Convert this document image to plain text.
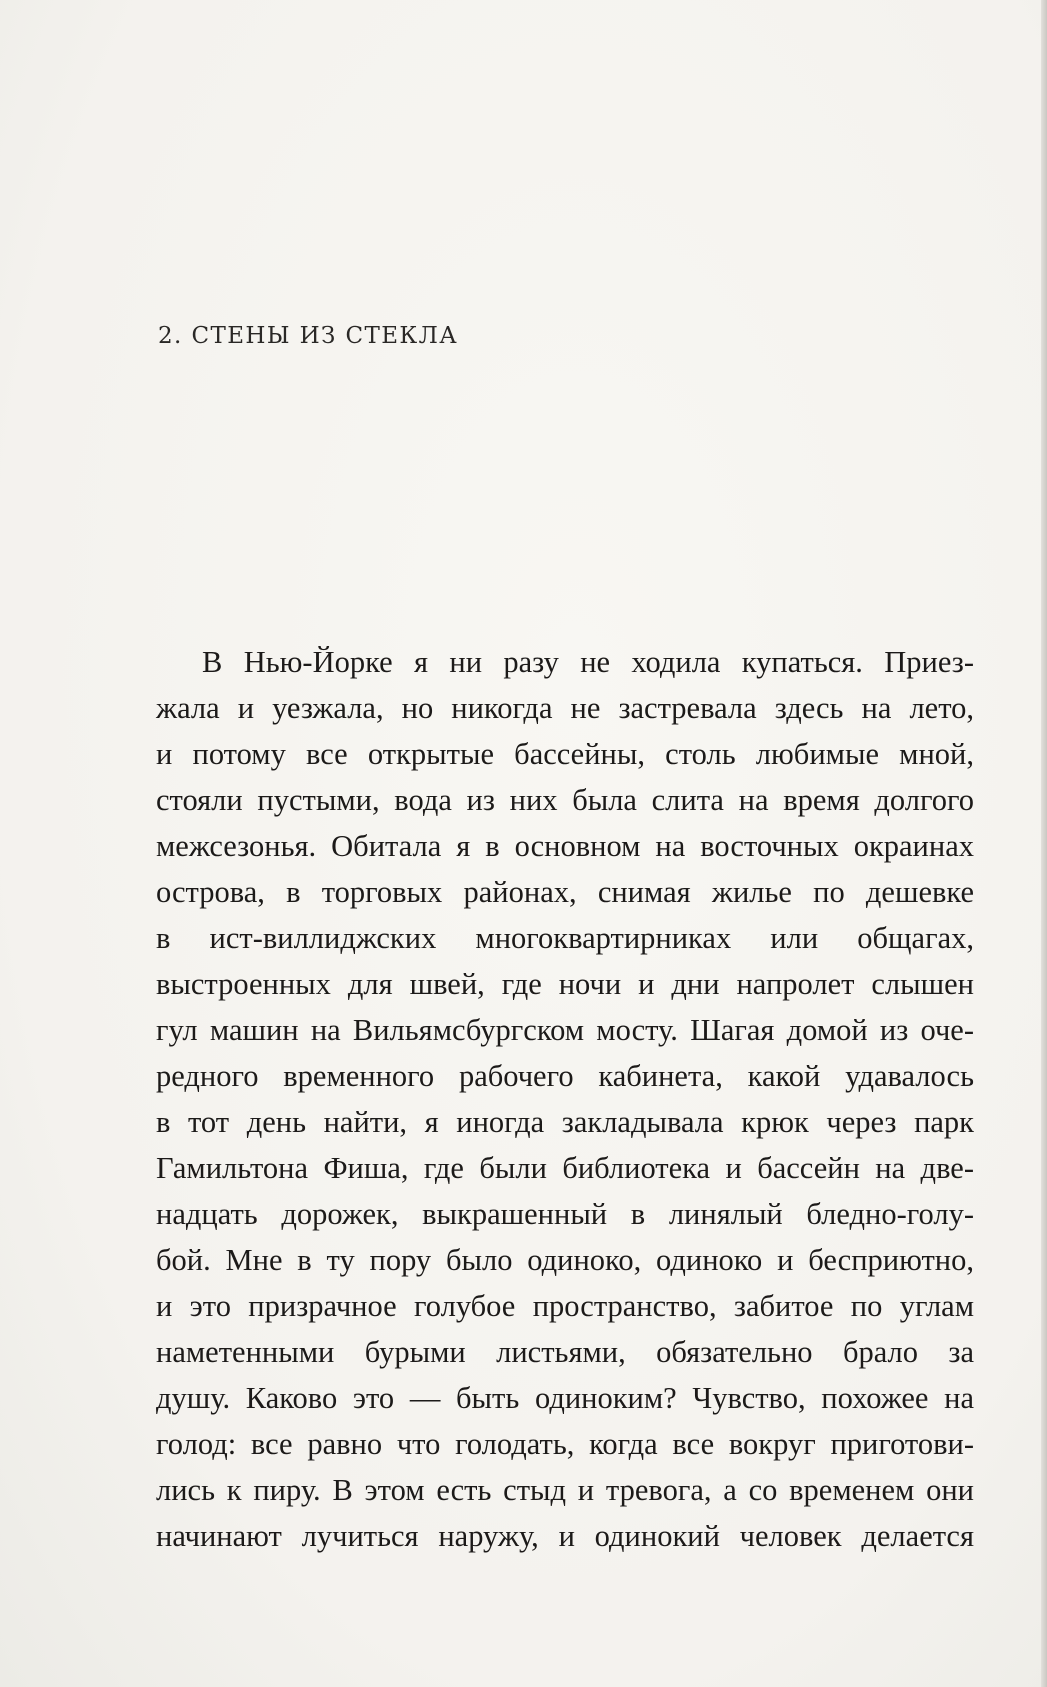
2. СТЕНЫ ИЗ СТЕКЛА
В Нью-Йорке я ни разу не ходила купаться. Приез-
жала и уезжала, но никогда не застревала здесь на лето,
и потому все открытые бассейны, столь любимые мной,
стояли пустыми, вода из них была слита на время долгого
межсезонья. Обитала я в основном на восточных окраинах
острова, в торговых районах, снимая жилье по дешевке
в ист-виллиджских многоквартирниках или общагах,
выстроенных для швей, где ночи и дни напролет слышен
гул машин на Вильямсбургском мосту. Шагая домой из оче-
редного временного рабочего кабинета, какой удавалось
в тот день найти, я иногда закладывала крюк через парк
Гамильтона Фиша, где были библиотека и бассейн на две-
надцать дорожек, выкрашенный в линялый бледно-голу-
бой. Мне в ту пору было одиноко, одиноко и бесприютно,
и это призрачное голубое пространство, забитое по углам
наметенными бурыми листьями, обязательно брало за
душу. Каково это — быть одиноким? Чувство, похожее на
голод: все равно что голодать, когда все вокруг приготови-
лись к пиру. В этом есть стыд и тревога, а со временем они
начинают лучиться наружу, и одинокий человек делается
